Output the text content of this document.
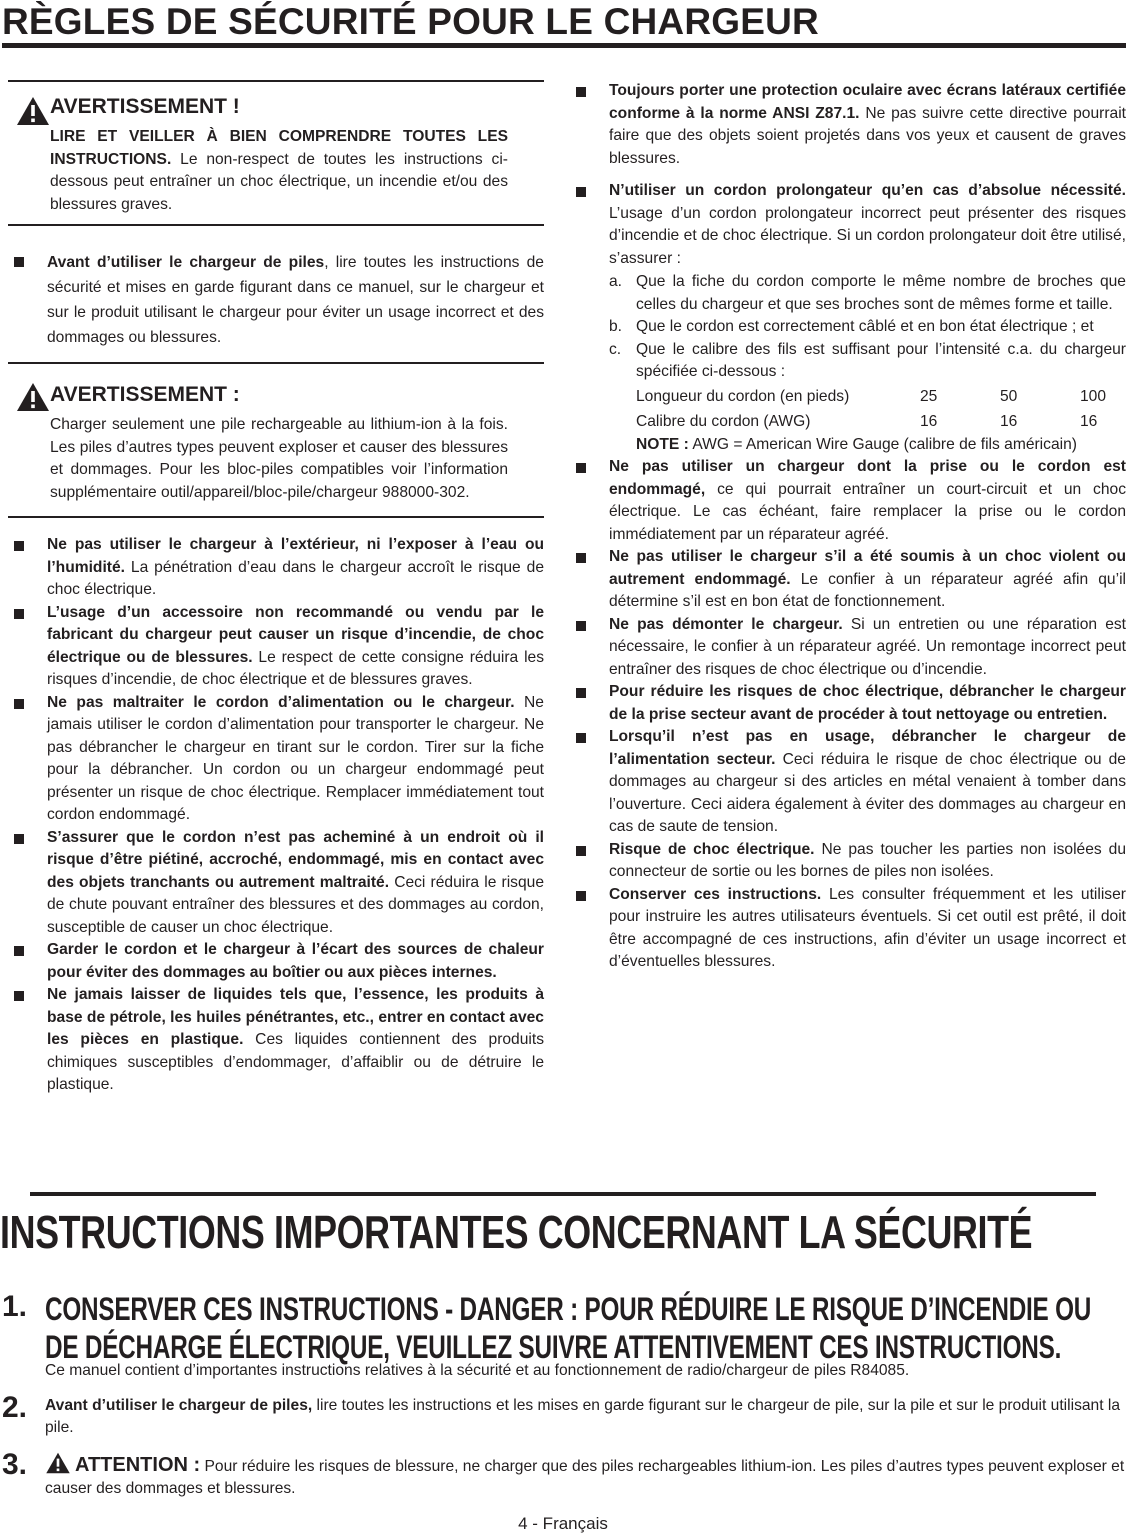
RÈGLES DE SÉCURITÉ POUR LE CHARGEUR
AVERTISSEMENT !

LIRE ET VEILLER À BIEN COMPRENDRE TOUTES LES INSTRUCTIONS. Le non-respect de toutes les instructions ci-dessous peut entraîner un choc électrique, un incendie et/ou des blessures graves.

Avant d’utiliser le chargeur de piles, lire toutes les instructions de sécurité et mises en garde figurant dans ce manuel, sur le chargeur et sur le produit utilisant le chargeur pour éviter un usage incorrect et des dommages ou blessures.
AVERTISSEMENT :

Charger seulement une pile rechargeable au lithium-ion à la fois. Les piles d’autres types peuvent exploser et causer des blessures et dommages. Pour les bloc-piles compatibles voir l’information supplémentaire outil/appareil/bloc-pile/chargeur 988000-302.

Ne pas utiliser le chargeur à l’extérieur, ni l’exposer à l’eau ou l’humidité. La pénétration d’eau dans le chargeur accroît le risque de choc électrique.
L’usage d’un accessoire non recommandé ou vendu par le fabricant du chargeur peut causer un risque d’incendie, de choc électrique ou de blessures. Le respect de cette consigne réduira les risques d’incendie, de choc électrique et de blessures graves.
Ne pas maltraiter le cordon d’alimentation ou le chargeur. Ne jamais utiliser le cordon d’alimentation pour transporter le chargeur. Ne pas débrancher le chargeur en tirant sur le cordon. Tirer sur la fiche pour la débrancher. Un cordon ou un chargeur endommagé peut présenter un risque de choc électrique. Remplacer immédiatement tout cordon endommagé.
S’assurer que le cordon n’est pas acheminé à un endroit où il risque d’être piétiné, accroché, endommagé, mis en contact avec des objets tranchants ou autrement maltraité. Ceci réduira le risque de chute pouvant entraîner des blessures et des dommages au cordon, susceptible de causer un choc électrique.
Garder le cordon et le chargeur à l’écart des sources de chaleur pour éviter des dommages au boîtier ou aux pièces internes.
Ne jamais laisser de liquides tels que, l’essence, les produits à base de pétrole, les huiles pénétrantes, etc., entrer en contact avec les pièces en plastique. Ces liquides contiennent des produits chimiques susceptibles d’endommager, d’affaiblir ou de détruire le plastique.
Toujours porter une protection oculaire avec écrans latéraux certifiée conforme à la norme ANSI Z87.1. Ne pas suivre cette directive pourrait faire que des objets soient projetés dans vos yeux et causent de graves blessures.
N’utiliser un cordon prolongateur qu’en cas d’absolue nécessité. L’usage d’un cordon prolongateur incorrect peut présenter des risques d’incendie et de choc électrique. Si un cordon prolongateur doit être utilisé, s’assurer :
a. Que la fiche du cordon comporte le même nombre de broches que celles du chargeur et que ses broches sont de mêmes forme et taille.
b. Que le cordon est correctement câblé et en bon état électrique ; et
c. Que le calibre des fils est suffisant pour l’intensité c.a. du chargeur spécifiée ci-dessous :
Longueur du cordon (en pieds)	25	50	100
Calibre du cordon (AWG)	16	16	16

NOTE : AWG = American Wire Gauge (calibre de fils américain)

Ne pas utiliser un chargeur dont la prise ou le cordon est endommagé, ce qui pourrait entraîner un court-circuit et un choc électrique. Le cas échéant, faire remplacer la prise ou le cordon immédiatement par un réparateur agréé.
Ne pas utiliser le chargeur s’il a été soumis à un choc violent ou autrement endommagé. Le confier à un réparateur agréé afin qu’il détermine s’il est en bon état de fonctionnement.
Ne pas démonter le chargeur. Si un entretien ou une réparation est nécessaire, le confier à un réparateur agréé. Un remontage incorrect peut entraîner des risques de choc électrique ou d’incendie.
Pour réduire les risques de choc électrique, débrancher le chargeur de la prise secteur avant de procéder à tout nettoyage ou entretien.
Lorsqu’il n’est pas en usage, débrancher le chargeur de l’alimentation secteur. Ceci réduira le risque de choc électrique ou de dommages au chargeur si des articles en métal venaient à tomber dans l’ouverture. Ceci aidera également à éviter des dommages au chargeur en cas de saute de tension.
Risque de choc électrique. Ne pas toucher les parties non isolées du connecteur de sortie ou les bornes de piles non isolées.
Conserver ces instructions. Les consulter fréquemment et les utiliser pour instruire les autres utilisateurs éventuels. Si cet outil est prêté, il doit être accompagné de ces instructions, afin d’éviter un usage incorrect et d’éventuelles blessures.
INSTRUCTIONS IMPORTANTES CONCERNANT LA SÉCURITÉ
1. CONSERVER CES INSTRUCTIONS - DANGER : POUR RÉDUIRE LE RISQUE D’INCENDIE OU
DE DÉCHARGE ÉLECTRIQUE, VEUILLEZ SUIVRE ATTENTIVEMENT CES INSTRUCTIONS.

Ce manuel contient d’importantes instructions relatives à la sécurité et au fonctionnement de radio/chargeur de piles R84085.

2. Avant d’utiliser le chargeur de piles, lire toutes les instructions et les mises en garde figurant sur le chargeur de pile, sur la pile et sur le produit utilisant la pile.

3.	ATTENTION : Pour réduire les risques de blessure, ne charger que des piles rechargeables lithium-ion. Les piles d’autres types peuvent exploser et causer des dommages et blessures.

4 - Français
